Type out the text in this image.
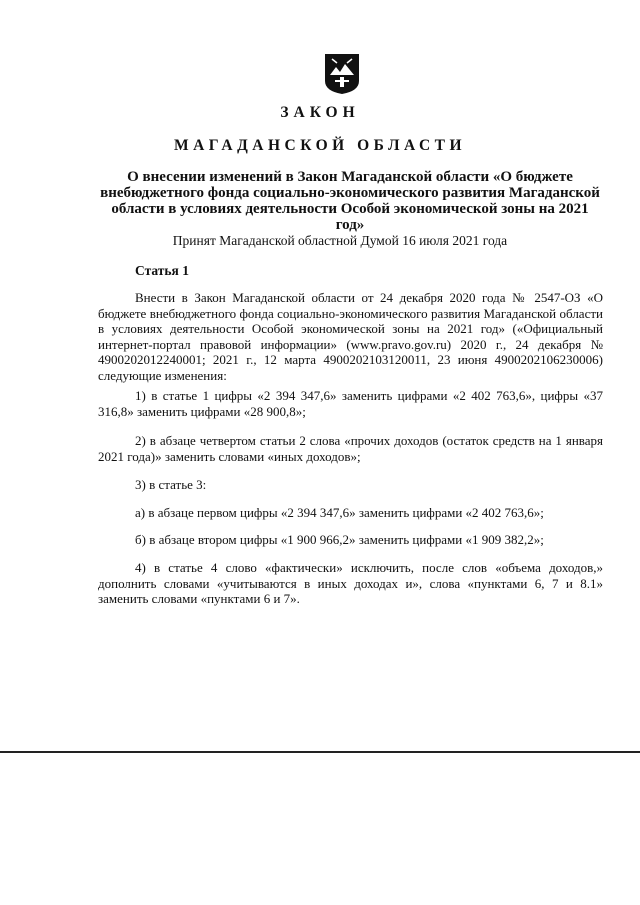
ЗАКОН
МАГАДАНСКОЙ ОБЛАСТИ
О внесении изменений в Закон Магаданской области «О бюджете внебюджетного фонда социально-экономического развития Магаданской области в условиях деятельности Особой экономической зоны на 2021 год»
Принят Магаданской областной Думой 16 июля 2021 года
Статья 1
Внести в Закон Магаданской области от 24 декабря 2020 года № 2547-ОЗ «О бюджете внебюджетного фонда социально-экономического развития Магаданской области в условиях деятельности Особой экономической зоны на 2021 год» («Официальный интернет-портал правовой информации» (www.pravo.gov.ru) 2020 г., 24 декабря № 4900202012240001; 2021 г., 12 марта 4900202103120011, 23 июня 4900202106230006) следующие изменения:
1) в статье 1 цифры «2 394 347,6» заменить цифрами «2 402 763,6», цифры «37 316,8» заменить цифрами «28 900,8»;
2) в абзаце четвертом статьи 2 слова «прочих доходов (остаток средств на 1 января 2021 года)» заменить словами «иных доходов»;
3) в статье 3:
а) в абзаце первом цифры «2 394 347,6» заменить цифрами «2 402 763,6»;
б) в абзаце втором цифры «1 900 966,2» заменить цифрами «1 909 382,2»;
4) в статье 4 слово «фактически» исключить, после слов «объема доходов,» дополнить словами «учитываются в иных доходах и», слова «пунктами 6, 7 и 8.1» заменить словами «пунктами 6 и 7».
